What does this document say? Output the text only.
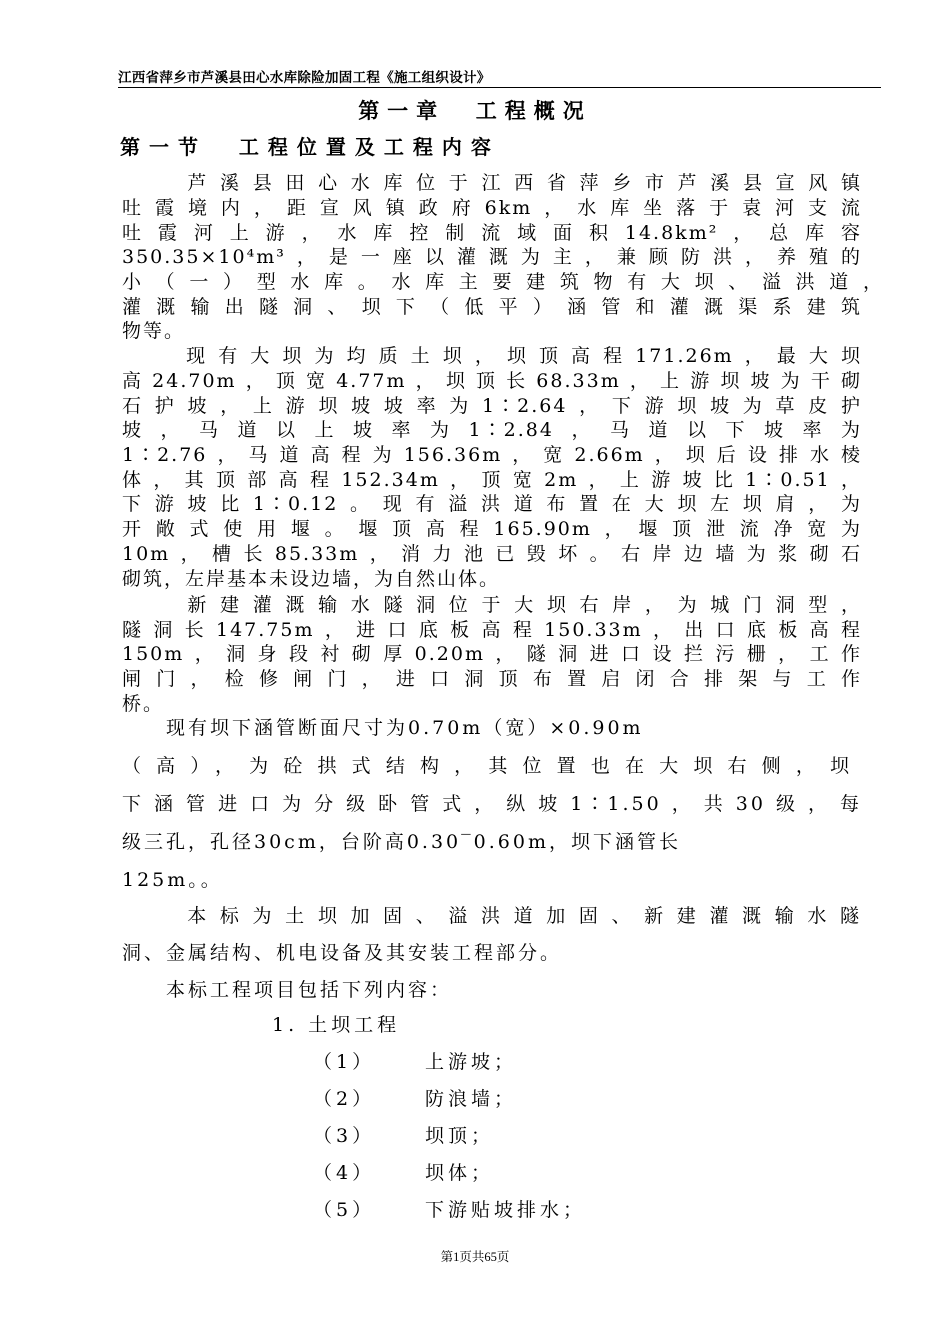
江西省萍乡市芦溪县田心水库除险加固工程《施工组织设计》
第一章  工程概况
第一节  工程位置及工程内容
　　芦溪县田心水库位于江西省萍乡市芦溪县宣风镇
吐霞境内，距宣风镇政府6km，水库坐落于袁河支流
吐霞河上游，水库控制流域面积14.8km²，总库容
350.35×10⁴m³，是一座以灌溉为主，兼顾防洪，养殖的
小（一）型水库。水库主要建筑物有大坝、溢洪道，
灌溉输出隧洞、坝下（低平）涵管和灌溉渠系建筑
物等。
　　现有大坝为均质土坝，坝顶高程171.26m，最大坝
高24.70m，顶宽4.77m，坝顶长68.33m，上游坝坡为干砌
石护坡，上游坝坡坡率为1∶2.64，下游坝坡为草皮护
坡，马道以上坡率为1∶2.84，马道以下坡率为
1∶2.76，马道高程为156.36m，宽2.66m，坝后设排水棱
体，其顶部高程152.34m，顶宽2m，上游坡比1∶0.51，
下游坡比1∶0.12。现有溢洪道布置在大坝左坝肩，为
开敞式使用堰。堰顶高程165.90m，堰顶泄流净宽为
10m，槽长85.33m，消力池已毁坏。右岸边墙为浆砌石
砌筑，左岸基本未设边墙，为自然山体。
　　新建灌溉输水隧洞位于大坝右岸，为城门洞型，
隧洞长147.75m，进口底板高程150.33m，出口底板高程
150m，洞身段衬砌厚0.20m，隧洞进口设拦污栅，工作
闸门，检修闸门，进口洞顶布置启闭合排架与工作
桥。
　　现有坝下涵管断面尺寸为0.70m（宽）×0.90m
（高），为砼拱式结构，其位置也在大坝右侧，坝
下涵管进口为分级卧管式，纵坡1∶1.50，共30级，每
级三孔，孔径30cm，台阶高0.30‾0.60m，坝下涵管长
125m。。
　　本标为土坝加固、溢洪道加固、新建灌溉输水隧
洞、金属结构、机电设备及其安装工程部分。
　　本标工程项目包括下列内容：
1. 土坝工程
（1）	上游坡；
（2）	防浪墙；
（3）	坝顶；
（4）	坝体；
（5）	下游贴坡排水；
第1页共65页
